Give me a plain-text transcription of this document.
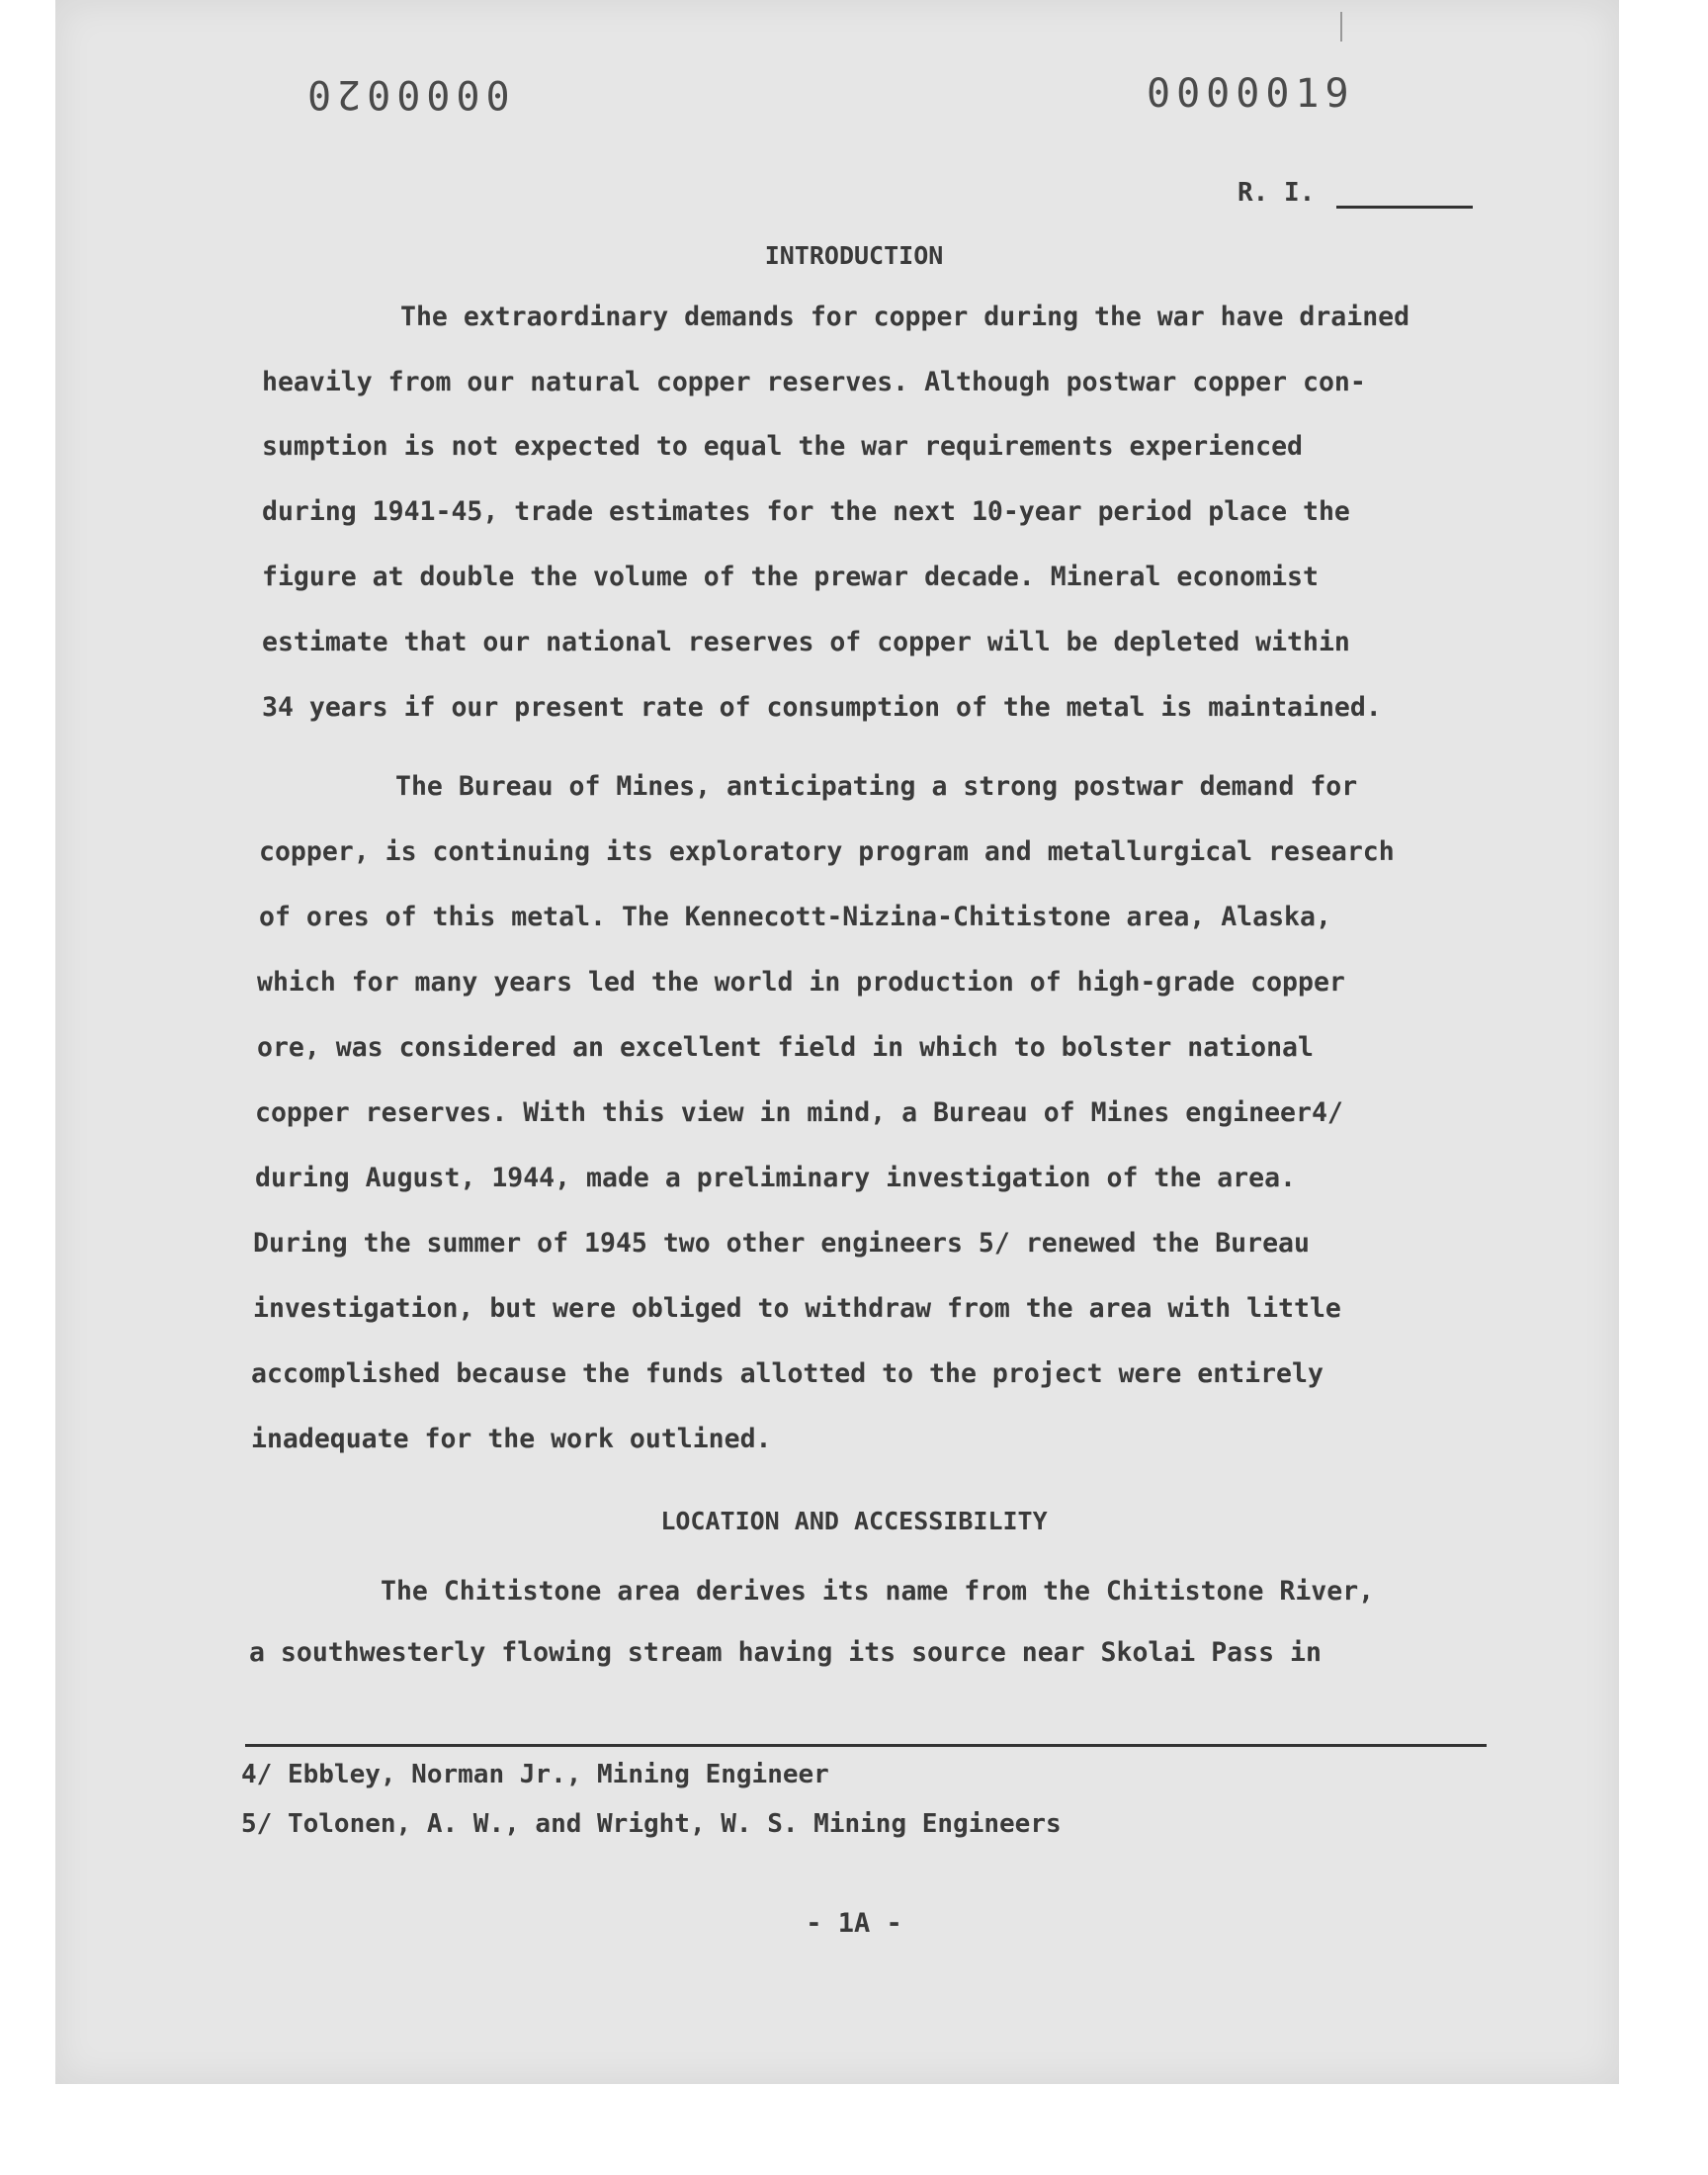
0000020	0000019
R. I.
INTRODUCTION
The extraordinary demands for copper during the war have drained
heavily from our natural copper reserves. Although postwar copper con-
sumption is not expected to equal the war requirements experienced
during 1941-45, trade estimates for the next 10-year period place the
figure at double the volume of the prewar decade. Mineral economist
estimate that our national reserves of copper will be depleted within
34 years if our present rate of consumption of the metal is maintained.
The Bureau of Mines, anticipating a strong postwar demand for
copper, is continuing its exploratory program and metallurgical research
of ores of this metal. The Kennecott-Nizina-Chitistone area, Alaska,
which for many years led the world in production of high-grade copper
ore, was considered an excellent field in which to bolster national
copper reserves. With this view in mind, a Bureau of Mines engineer4/
during August, 1944, made a preliminary investigation of the area.
During the summer of 1945 two other engineers 5/ renewed the Bureau
investigation, but were obliged to withdraw from the area with little
accomplished because the funds allotted to the project were entirely
inadequate for the work outlined.
LOCATION AND ACCESSIBILITY
The Chitistone area derives its name from the Chitistone River,
a southwesterly flowing stream having its source near Skolai Pass in
4/ Ebbley, Norman Jr., Mining Engineer
5/ Tolonen, A. W., and Wright, W. S. Mining Engineers
- 1A -
